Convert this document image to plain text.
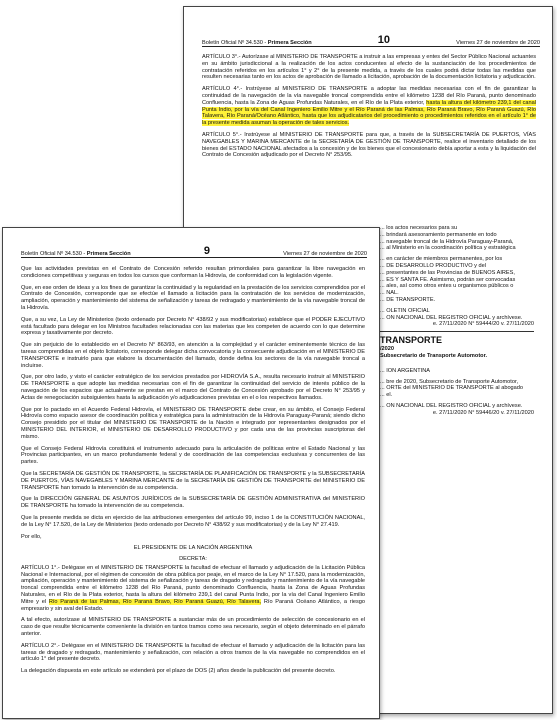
Boletín Oficial Nº 34.530 - Primera Sección	10	Viernes 27 de noviembre de 2020

ARTÍCULO 3°.- Autorízase al MINISTERIO DE TRANSPORTE a instruir a las empresas y entes del Sector Público Nacional actuantes en su ámbito jurisdiccional a la realización de los actos conducentes al efecto de la sustanciación de los procedimientos de contratación referidos en los artículos 1° y 2° de la presente medida, a través de los cuales podrá dictar todas las medidas que resulten necesarias tanto en los actos de aprobación de llamado a licitación, aprobación de la documentación licitatoria y adjudicación.

ARTÍCULO 4°.- Instrúyese al MINISTERIO DE TRANSPORTE a adoptar las medidas necesarias con el fin de garantizar la continuidad de la navegación de la vía navegable troncal comprendida entre el kilómetro 1238 del Río Paraná, punto denominado Confluencia, hasta la Zona de Aguas Profundas Naturales, en el Río de la Plata exterior, hasta la altura del kilómetro 239,1 del canal Punta Indio, por la vía del Canal Ingeniero Emilio Mitre y el Río Paraná de las Palmas, Río Paraná Bravo, Río Paraná Guazú, Río Talavera, Río Paraná/Océano Atlántico, hasta que los adjudicatarios del procedimiento o procedimientos referidos en el artículo 1° de la presente medida asuman la operación de tales servicios.

ARTÍCULO 5°.- Instrúyese al MINISTERIO DE TRANSPORTE para que, a través de la SUBSECRETARÍA DE PUERTOS, VÍAS NAVEGABLES Y MARINA MERCANTE de la SECRETARÍA DE GESTIÓN DE TRANSPORTE, realice el inventario detallado de los bienes del ESTADO NACIONAL afectados a la concesión y de los bienes que el concesionario debía aportar a esta y la liquidación del Contrato de Concesión adjudicado por el Decreto N° 253/95.

... los actos necesarios para su
... brindará asesoramiento permanente en todo
... navegable troncal de la Hidrovía Paraguay-Paraná,
... al Ministerio en la coordinación política y estratégica
... en carácter de miembros permanentes, por los
... DE DESARROLLO PRODUCTIVO y del
... presentantes de las Provincias de BUENOS AIRES,
... ES Y SANTA FE. Asimismo, podrán ser convocadas
... ales, así como otros entes u organismos públicos o
... NAL.
... DE TRANSPORTE.
... OLETÍN OFICIAL
... ÓN NACIONAL DEL REGISTRO OFICIAL y archívese.
e. 27/11/2020 N° 59444/20 v. 27/11/2020
TRANSPORTE
/2020
Subsecretario de Transporte Automotor.
... IÓN ARGENTINA
... bre de 2020, Subsecretario de Transporte Automotor,
... ORTE del MINISTERIO DE TRANSPORTE al abogado
... el.
... ÓN NACIONAL DEL REGISTRO OFICIAL y archívese.
e. 27/11/2020 N° 59446/20 v. 27/11/2020
Boletín Oficial Nº 34.530 - Primera Sección	9	Viernes 27 de noviembre de 2020

Que las actividades previstas en el Contrato de Concesión referido resultan primordiales para garantizar la libre navegación en condiciones competitivas y seguras en todos los cursos que conforman la Hidrovía, de conformidad con la legislación vigente.

Que, en ese orden de ideas y a los fines de garantizar la continuidad y la regularidad en la prestación de los servicios comprendidos por el Contrato de Concesión, corresponde que se efectúe el llamado a licitación para la contratación de los servicios de modernización, ampliación, operación y mantenimiento del sistema de señalización y tareas de redragado y mantenimiento de la vía navegable troncal de la Hidrovía.

Que, a su vez, La Ley de Ministerios (texto ordenado por Decreto N° 438/92 y sus modificatorias) establece que el PODER EJECUTIVO está facultado para delegar en los Ministros facultades relacionadas con las materias que les competen de acuerdo con lo que determine expresa y taxativamente por decreto.

Que sin perjuicio de lo establecido en el Decreto N° 863/93, en atención a la complejidad y el carácter eminentemente técnico de las tareas comprendidas en el objeto licitatorio, corresponde delegar dicha convocatoria y la consecuente adjudicación en el MINISTERIO DE TRANSPORTE e instruirlo para que elabore la documentación del llamado, donde defina los sectores de la vía navegable troncal a incluirse.

Que, por otro lado, y visto el carácter estratégico de los servicios prestados por HIDROVÍA S.A., resulta necesario instruir al MINISTERIO DE TRANSPORTE a que adopte las medidas necesarias con el fin de garantizar la continuidad del servicio de interés público de la navegación de los espacios que actualmente se prestan en el marco del Contrato de Concesión aprobado por el Decreto N° 253/95 y Actas de renegociación subsiguientes hasta la adjudicación y/o adjudicaciones previstas en el o los respectivos llamados.

Que por lo pactado en el Acuerdo Federal Hidrovía, el MINISTERIO DE TRANSPORTE debe crear, en su ámbito, el Consejo Federal Hidrovía como espacio asesor de coordinación política y estratégica para la administración de la Hidrovía Paraguay-Paraná; siendo dicho Consejo presidido por el titular del MINISTERIO DE TRANSPORTE de la Nación e integrado por representantes designados por el MINISTERIO DEL INTERIOR, el MINISTERIO DE DESARROLLO PRODUCTIVO y por cada una de las provincias suscriptoras del mismo.

Que el Consejo Federal Hidrovía constituirá el instrumento adecuado para la articulación de políticas entre el Estado Nacional y las Provincias participantes, en un marco profundamente federal y de coordinación de las competencias exclusivas y concurrentes de las partes.

Que la SECRETARÍA DE GESTIÓN DE TRANSPORTE, la SECRETARÍA DE PLANIFICACIÓN DE TRANSPORTE y la SUBSECRETARÍA DE PUERTOS, VÍAS NAVEGABLES Y MARINA MERCANTE de la SECRETARÍA DE GESTIÓN DE TRANSPORTE del MINISTERIO DE TRANSPORTE han tomado la intervención de su competencia.

Que la DIRECCIÓN GENERAL DE ASUNTOS JURÍDICOS de la SUBSECRETARÍA DE GESTIÓN ADMINISTRATIVA del MINISTERIO DE TRANSPORTE ha tomado la intervención de su competencia.

Que la presente medida se dicta en ejercicio de las atribuciones emergentes del artículo 99, inciso 1 de la CONSTITUCIÓN NACIONAL, de la Ley N° 17.520, de la Ley de Ministerios (texto ordenado por Decreto N° 438/92 y sus modificatorias) y de la Ley N° 27.419.

Por ello,

EL PRESIDENTE DE LA NACIÓN ARGENTINA

DECRETA:

ARTÍCULO 1°.- Delégase en el MINISTERIO DE TRANSPORTE la facultad de efectuar el llamado y adjudicación de la Licitación Pública Nacional e Internacional, por el régimen de concesión de obra pública por peaje, en el marco de la Ley N° 17.520, para la modernización, ampliación, operación y mantenimiento del sistema de señalización y tareas de dragado y redragado y mantenimiento de la vía navegable troncal comprendida entre el kilómetro 1238 del Río Paraná, punto denominado Confluencia, hasta la Zona de Aguas Profundas Naturales, en el Río de la Plata exterior, hasta la altura del kilómetro 239,1 del canal Punta Indio, por la vía del Canal Ingeniero Emilio Mitre y el Río Paraná de las Palmas, Río Paraná Bravo, Río Paraná Guazú, Río Talavera, Río Paraná Océano Atlántico, a riesgo empresario y sin aval del Estado.

A tal efecto, autorízase al MINISTERIO DE TRANSPORTE a sustanciar más de un procedimiento de selección de concesionario en el caso de que resulte técnicamente conveniente la división en tantos tramos como sea necesario, según el objeto determinado en el párrafo anterior.

ARTÍCULO 2°.- Delégase en el MINISTERIO DE TRANSPORTE la facultad de efectuar el llamado y adjudicación de la licitación para las tareas de dragado y redragado, mantenimiento y señalización, con relación a otros tramos de la vía navegable no comprendidos en el artículo 1° del presente decreto.

La delegación dispuesta en este artículo se extenderá por el plazo de DOS (2) años desde la publicación del presente decreto.
